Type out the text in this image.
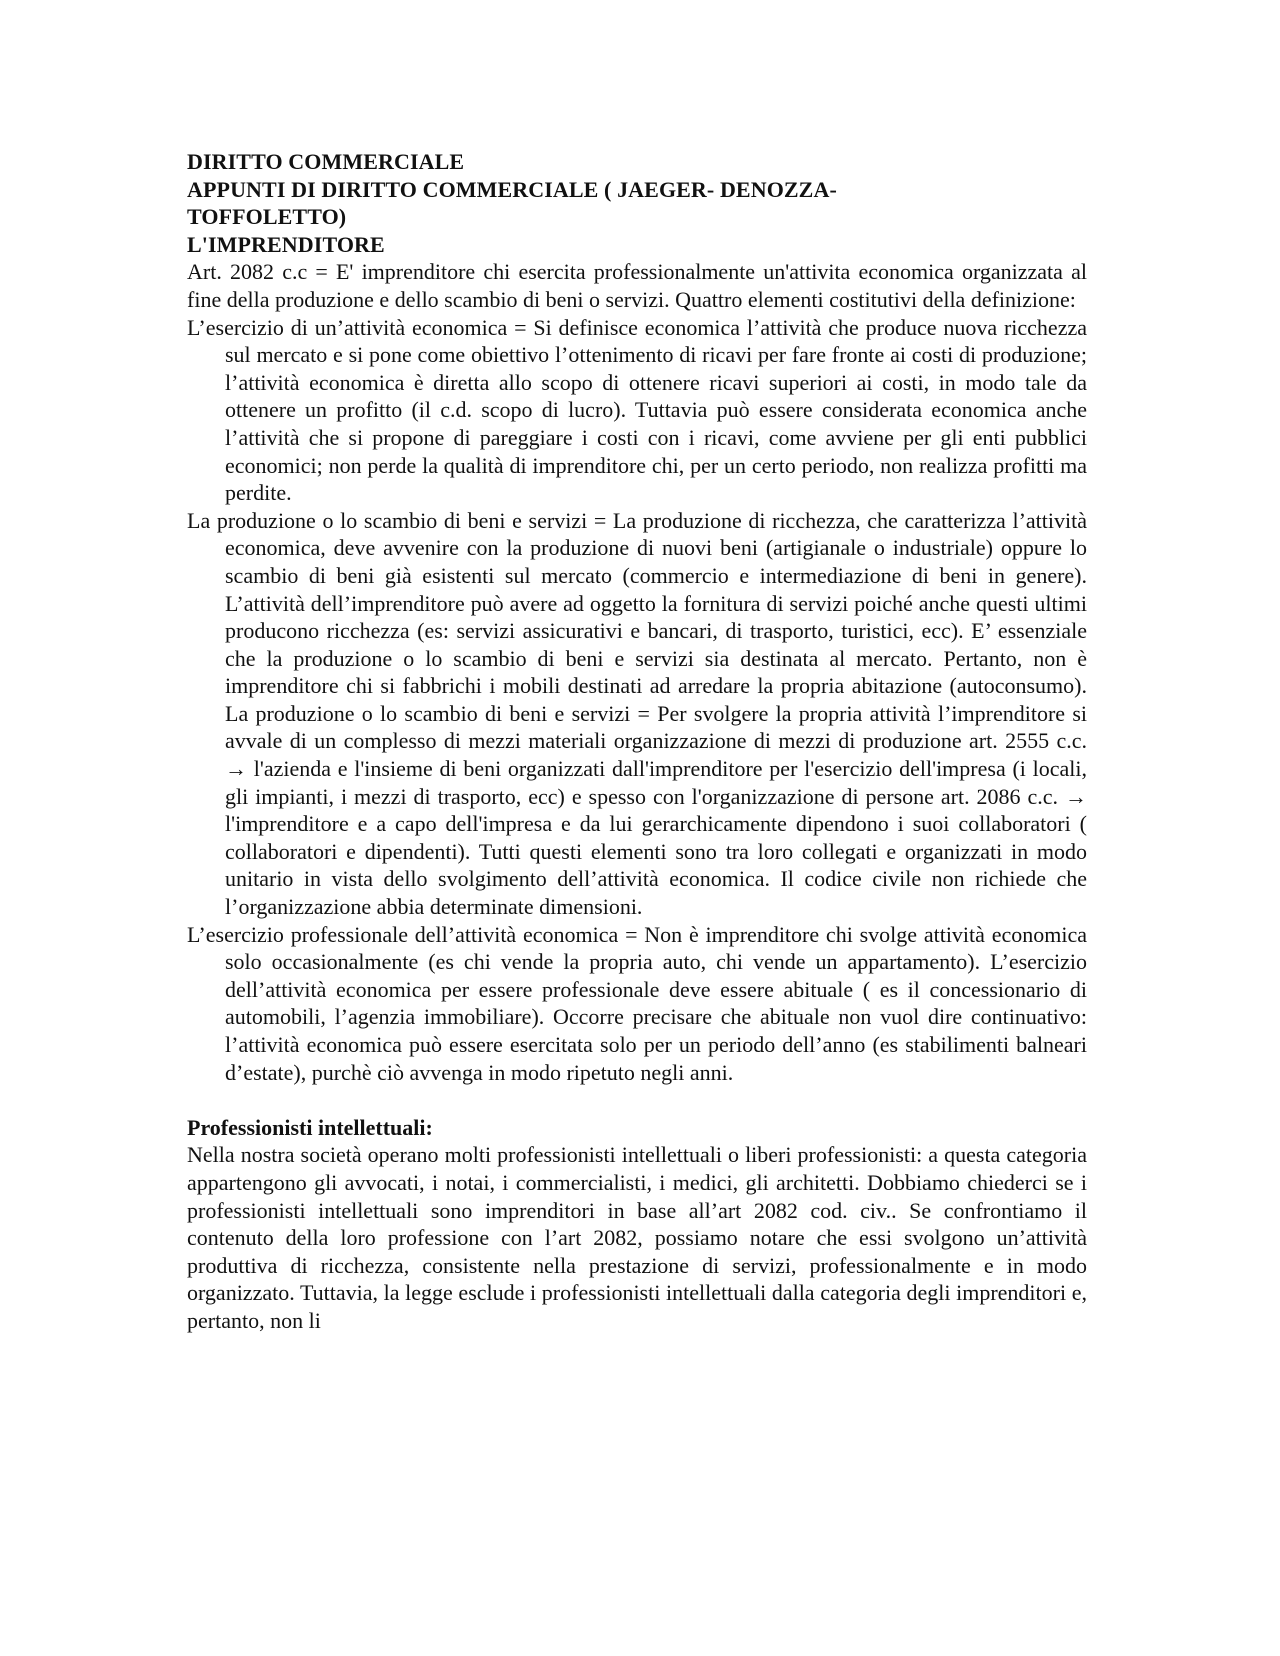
DIRITTO COMMERCIALE

APPUNTI DI DIRITTO COMMERCIALE ( JAEGER- DENOZZA- TOFFOLETTO)

L'IMPRENDITORE

Art. 2082 c.c = E' imprenditore chi esercita professionalmente un'attivita economica organizzata al fine della produzione e dello scambio di beni o servizi. Quattro elementi costitutivi della definizione:

L’esercizio di un’attività economica = Si definisce economica l’attività che produce nuova ricchezza sul mercato e si pone come obiettivo l’ottenimento di ricavi per fare fronte ai costi di produzione; l’attività economica è diretta allo scopo di ottenere ricavi superiori ai costi, in modo tale da ottenere un profitto (il c.d. scopo di lucro). Tuttavia può essere considerata economica anche l’attività che si propone di pareggiare i costi con i ricavi, come avviene per gli enti pubblici economici; non perde la qualità di imprenditore chi, per un certo periodo, non realizza profitti ma perdite.

La produzione o lo scambio di beni e servizi = La produzione di ricchezza, che caratterizza l’attività economica, deve avvenire con la produzione di nuovi beni (artigianale o industriale) oppure lo scambio di beni già esistenti sul mercato (commercio e intermediazione di beni in genere). L’attività dell’imprenditore può avere ad oggetto la fornitura di servizi poiché anche questi ultimi producono ricchezza (es: servizi assicurativi e bancari, di trasporto, turistici, ecc). E’ essenziale che la produzione o lo scambio di beni e servizi sia destinata al mercato. Pertanto, non è imprenditore chi si fabbrichi i mobili destinati ad arredare la propria abitazione (autoconsumo). La produzione o lo scambio di beni e servizi = Per svolgere la propria attività l’imprenditore si avvale di un complesso di mezzi materiali organizzazione di mezzi di produzione art. 2555 c.c. → l'azienda e l'insieme di beni organizzati dall'imprenditore per l'esercizio dell'impresa (i locali, gli impianti, i mezzi di trasporto, ecc) e spesso con l'organizzazione di persone art. 2086 c.c. → l'imprenditore e a capo dell'impresa e da lui gerarchicamente dipendono i suoi collaboratori ( collaboratori e dipendenti). Tutti questi elementi sono tra loro collegati e organizzati in modo unitario in vista dello svolgimento dell’attività economica. Il codice civile non richiede che l’organizzazione abbia determinate dimensioni.

L’esercizio professionale dell’attività economica = Non è imprenditore chi svolge attività economica solo occasionalmente (es chi vende la propria auto, chi vende un appartamento). L’esercizio dell’attività economica per essere professionale deve essere abituale ( es il concessionario di automobili, l’agenzia immobiliare). Occorre precisare che abituale non vuol dire continuativo: l’attività economica può essere esercitata solo per un periodo dell’anno (es stabilimenti balneari d’estate), purchè ciò avvenga in modo ripetuto negli anni.

Professionisti intellettuali:

Nella nostra società operano molti professionisti intellettuali o liberi professionisti: a questa categoria appartengono gli avvocati, i notai, i commercialisti, i medici, gli architetti. Dobbiamo chiederci se i professionisti intellettuali sono imprenditori in base all’art 2082 cod. civ.. Se confrontiamo il contenuto della loro professione con l’art 2082, possiamo notare che essi svolgono un’attività produttiva di ricchezza, consistente nella prestazione di servizi, professionalmente e in modo organizzato. Tuttavia, la legge esclude i professionisti intellettuali dalla categoria degli imprenditori e, pertanto, non li
